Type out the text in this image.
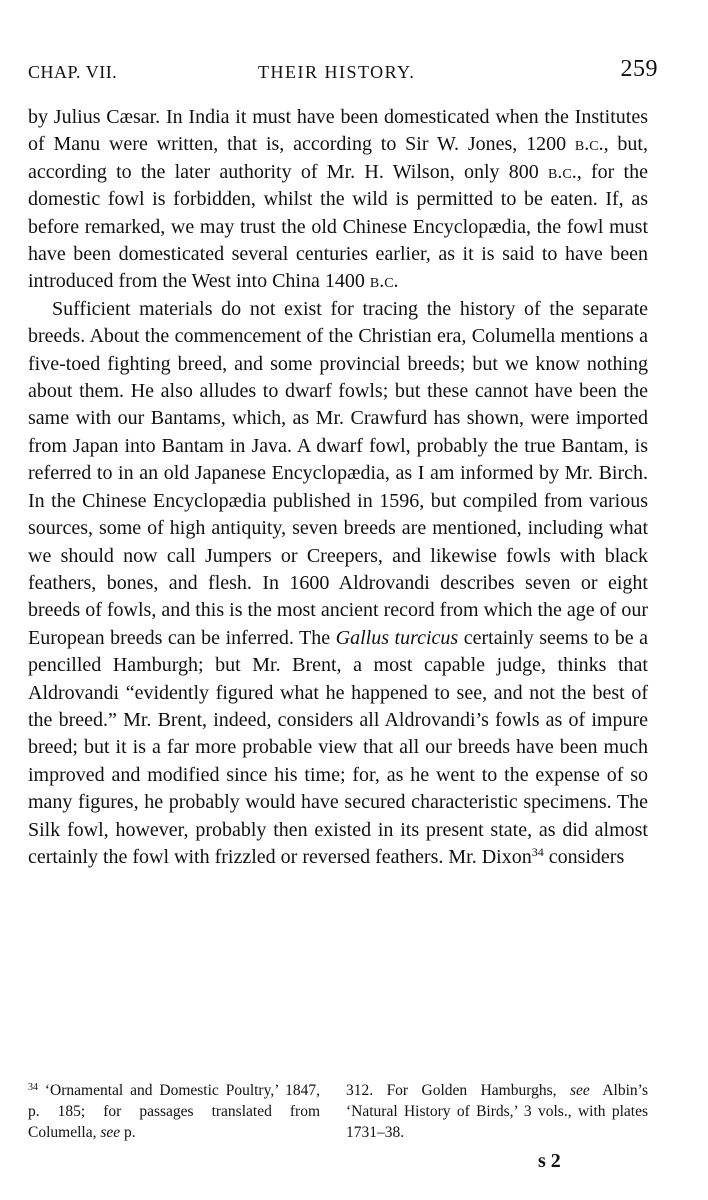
CHAP. VII.	THEIR HISTORY.	259

by Julius Cæsar. In India it must have been domesticated when the Institutes of Manu were written, that is, according to Sir W. Jones, 1200 b.c., but, according to the later authority of Mr. H. Wilson, only 800 b.c., for the domestic fowl is forbidden, whilst the wild is permitted to be eaten. If, as before remarked, we may trust the old Chinese Encyclopædia, the fowl must have been domesticated several centuries earlier, as it is said to have been introduced from the West into China 1400 b.c.

Sufficient materials do not exist for tracing the history of the separate breeds. About the commencement of the Christian era, Columella mentions a five-toed fighting breed, and some provincial breeds; but we know nothing about them. He also alludes to dwarf fowls; but these cannot have been the same with our Bantams, which, as Mr. Crawfurd has shown, were imported from Japan into Bantam in Java. A dwarf fowl, probably the true Bantam, is referred to in an old Japanese Encyclopædia, as I am informed by Mr. Birch. In the Chinese Encyclopædia published in 1596, but compiled from various sources, some of high antiquity, seven breeds are mentioned, including what we should now call Jumpers or Creepers, and likewise fowls with black feathers, bones, and flesh. In 1600 Aldrovandi describes seven or eight breeds of fowls, and this is the most ancient record from which the age of our European breeds can be inferred. The Gallus turcicus certainly seems to be a pencilled Hamburgh; but Mr. Brent, a most capable judge, thinks that Aldrovandi “evidently figured what he happened to see, and not the best of the breed.” Mr. Brent, indeed, considers all Aldrovandi’s fowls as of impure breed; but it is a far more probable view that all our breeds have been much improved and modified since his time; for, as he went to the expense of so many figures, he probably would have secured characteristic specimens. The Silk fowl, however, probably then existed in its present state, as did almost certainly the fowl with frizzled or reversed feathers. Mr. Dixon$^{34}$ considers

$^{34}$ ‘Ornamental and Domestic Poultry,’ 1847, p. 185; for passages translated from Columella, see p.
312. For Golden Hamburghs, see Albin’s ‘Natural History of Birds,’ 3 vols., with plates 1731–38.
s 2
